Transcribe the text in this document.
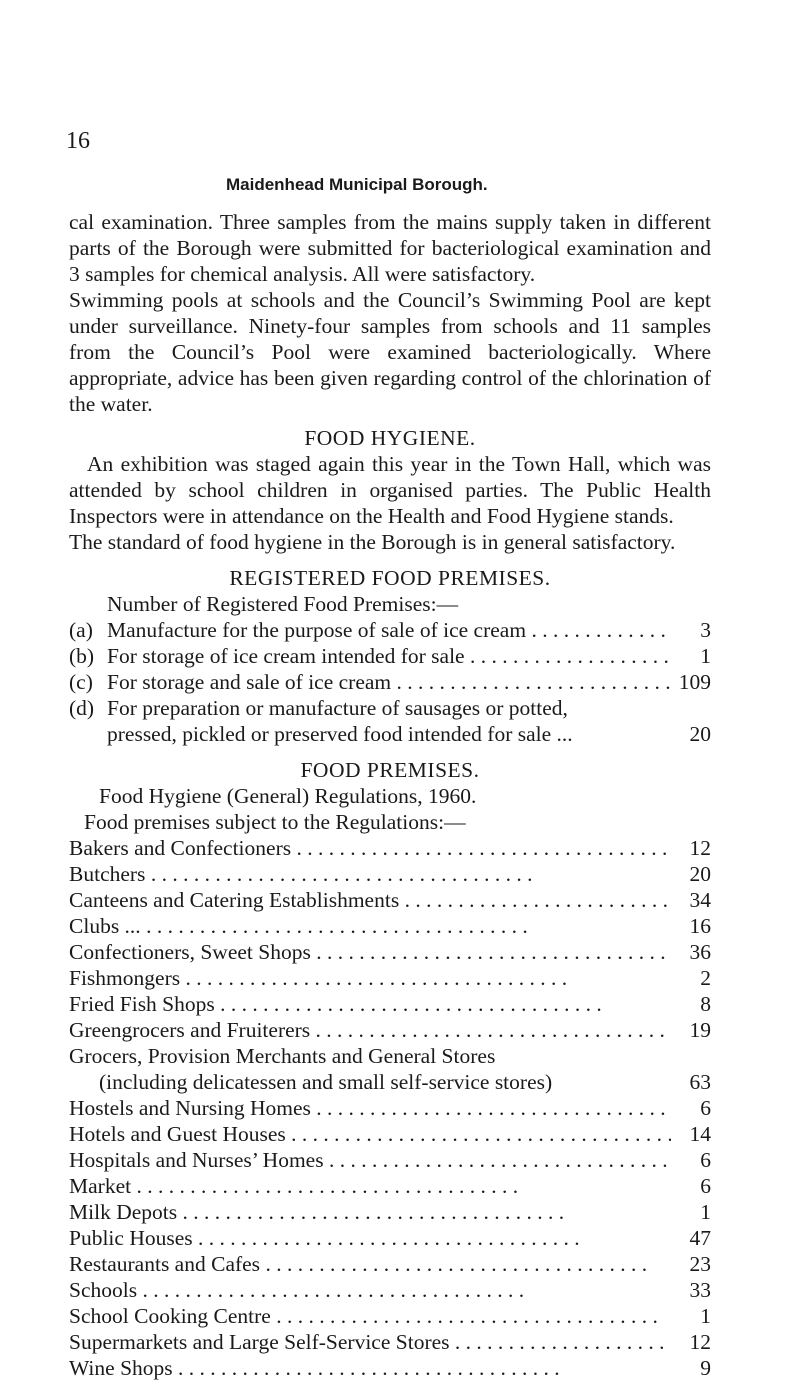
16
Maidenhead Municipal Borough.

cal examination. Three samples from the mains supply taken in different parts of the Borough were submitted for bacteriological examination and 3 samples for chemical analysis. All were satisfactory.

Swimming pools at schools and the Council’s Swimming Pool are kept under surveillance. Ninety-four samples from schools and 11 samples from the Council’s Pool were examined bacteriologically. Where appropriate, advice has been given regarding control of the chlorination of the water.

FOOD HYGIENE.

An exhibition was staged again this year in the Town Hall, which was attended by school children in organised parties. The Public Health Inspectors were in attendance on the Health and Food Hygiene stands.

The standard of food hygiene in the Borough is in general satisfactory.

REGISTERED FOOD PREMISES.

Number of Registered Food Premises:—
(a) Manufacture for the purpose of sale of ice cream . . .	3
(b) For storage of ice cream intended for sale . . .	1
(c) For storage and sale of ice cream . . .	109
(d) For preparation or manufacture of sausages or potted,
pressed, pickled or preserved food intended for sale ...	20

FOOD PREMISES.

Food Hygiene (General) Regulations, 1960.
Food premises subject to the Regulations:—
Bakers and Confectioners . . .	12
Butchers . . .	20
Canteens and Catering Establishments . . .	34
Clubs ... . . .	16
Confectioners, Sweet Shops . . .	36
Fishmongers . . .	2
Fried Fish Shops . . .	8
Greengrocers and Fruiterers . . .	19
Grocers, Provision Merchants and General Stores
(including delicatessen and small self-service stores)	63
Hostels and Nursing Homes . . .	6
Hotels and Guest Houses . . .	14
Hospitals and Nurses’ Homes . . .	6
Market . . .	6
Milk Depots . . .	1
Public Houses . . .	47
Restaurants and Cafes . . .	23
Schools . . .	33
School Cooking Centre . . .	1
Supermarkets and Large Self-Service Stores . . .	12
Wine Shops . . .	9
